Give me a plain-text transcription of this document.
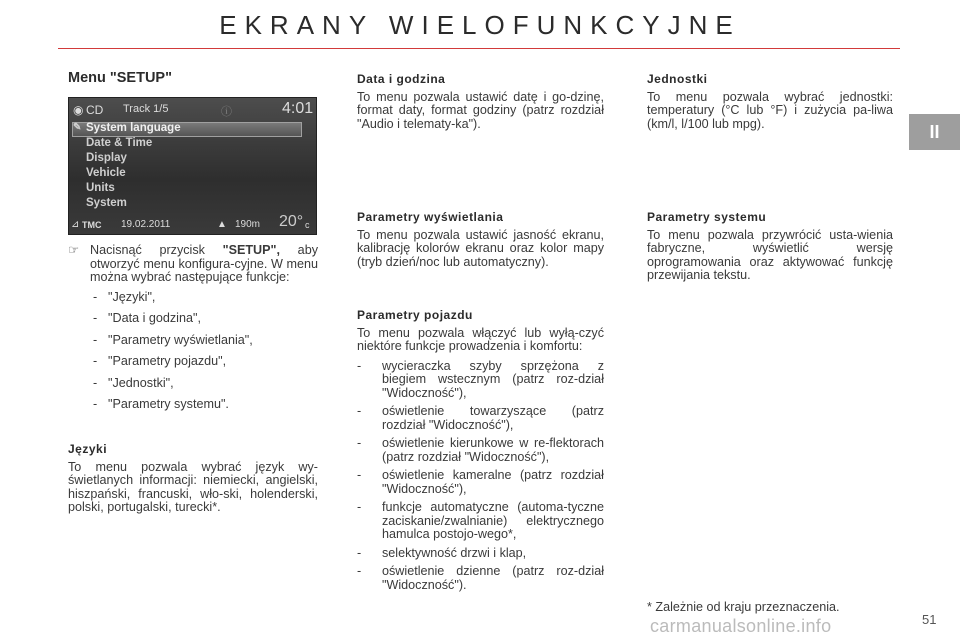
EKRANY WIELOFUNKCYJNE
II
Menu "SETUP"
◉ CD Track 1/5	ⓘ	4:01
✎ System language
Date & Time
Display
Vehicle
Units
System
⊿ TMC 19.02.2011	▲ 190m 20° c
☞ Nacisnąć przycisk "SETUP", aby otworzyć menu konfigura-cyjne. W menu można wybrać następujące funkcje:

- "Języki",
- "Data i godzina",
- "Parametry wyświetlania",
- "Parametry pojazdu",
- "Jednostki",
- "Parametry systemu".
Języki

To menu pozwala wybrać język wy-świetlanych informacji: niemiecki, angielski, hiszpański, francuski, wło-ski, holenderski, polski, portugalski, turecki*.

Data i godzina

To menu pozwala ustawić datę i go-dzinę, format daty, format godziny (patrz rozdział "Audio i telematy-ka").

Parametry wyświetlania

To menu pozwala ustawić jasność ekranu, kalibrację kolorów ekranu oraz kolor mapy (tryb dzień/noc lub automatyczny).

Parametry pojazdu

To menu pozwala włączyć lub wyłą-czyć niektóre funkcje prowadzenia i komfortu:

- wycieraczka szyby sprzężona z biegiem wstecznym (patrz roz-dział "Widoczność"),
- oświetlenie towarzyszące (patrz rozdział "Widoczność"),
- oświetlenie kierunkowe w re-flektorach (patrz rozdział "Widoczność"),
- oświetlenie kameralne (patrz rozdział "Widoczność"),
- funkcje automatyczne (automa-tyczne zaciskanie/zwalnianie) elektrycznego hamulca postojo-wego*,
- selektywność drzwi i klap,
- oświetlenie dzienne (patrz roz-dział "Widoczność").
Jednostki

To menu pozwala wybrać jednostki: temperatury (°C lub °F) i zużycia pa-liwa (km/l, l/100 lub mpg).

Parametry systemu

To menu pozwala przywrócić usta-wienia fabryczne, wyświetlić wersję oprogramowania oraz aktywować funkcję przewijania tekstu.

* Zależnie od kraju przeznaczenia.
carmanualsonline.info	51
